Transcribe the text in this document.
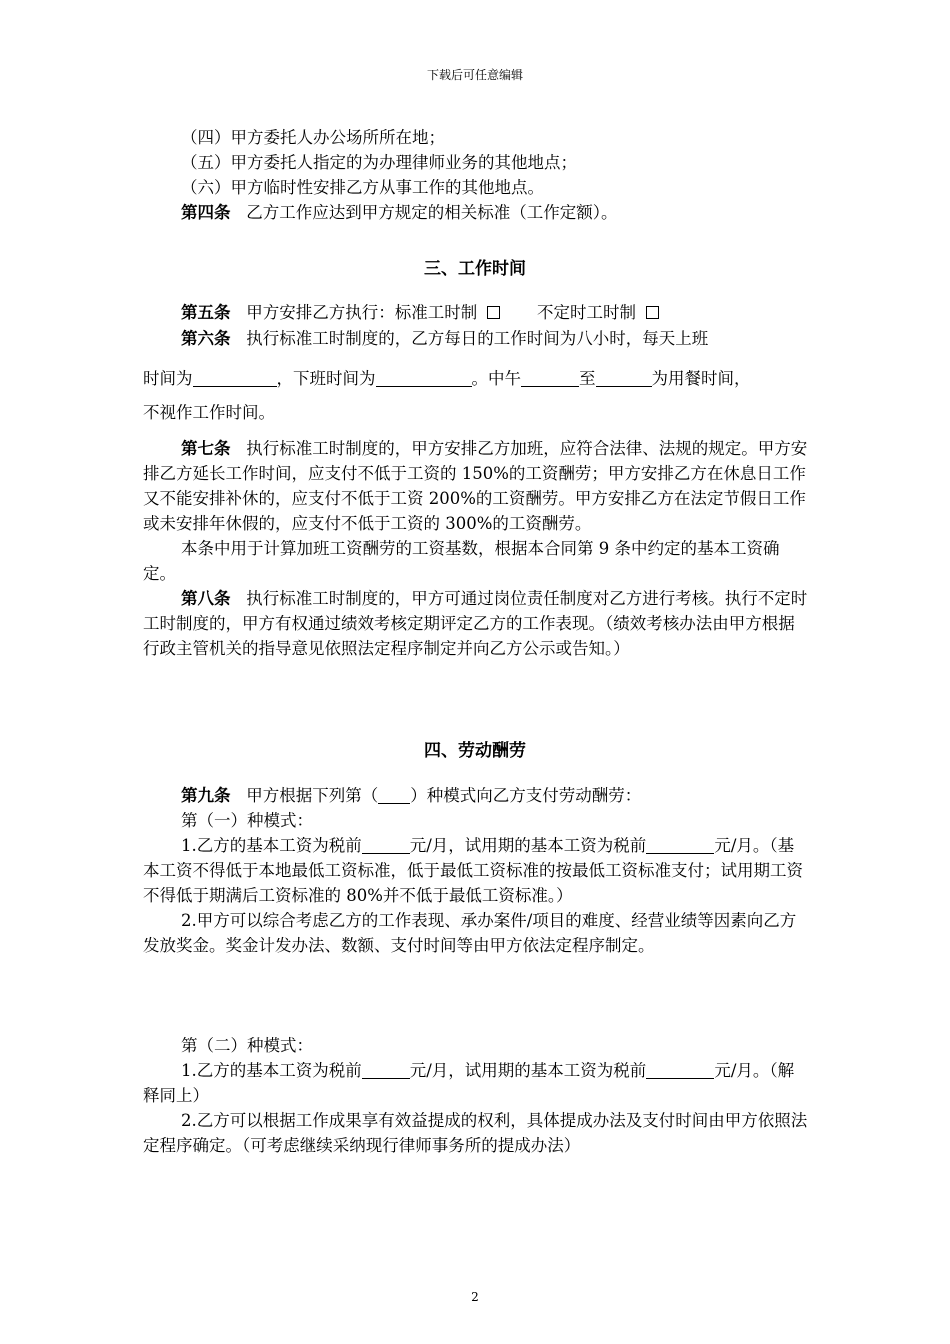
下载后可任意编辑

（四）甲方委托人办公场所所在地；

（五）甲方委托人指定的为办理律师业务的其他地点；

（六）甲方临时性安排乙方从事工作的其他地点。

第四条 乙方工作应达到甲方规定的相关标准（工作定额）。

三、工作时间

第五条 甲方安排乙方执行：标准工时制	不定时工时制

第六条 执行标准工时制度的，乙方每日的工作时间为八小时，每天上班

时间为	，下班时间为	。中午	至	为用餐时间，

不视作工作时间。

第七条 执行标准工时制度的，甲方安排乙方加班，应符合法律、法规的规定。甲方安排乙方延长工作时间，应支付不低于工资的 150%的工资酬劳；甲方安排乙方在休息日工作又不能安排补休的，应支付不低于工资 200%的工资酬劳。甲方安排乙方在法定节假日工作或未安排年休假的，应支付不低于工资的 300%的工资酬劳。

本条中用于计算加班工资酬劳的工资基数，根据本合同第 9 条中约定的基本工资确定。

第八条 执行标准工时制度的，甲方可通过岗位责任制度对乙方进行考核。执行不定时工时制度的，甲方有权通过绩效考核定期评定乙方的工作表现。（绩效考核办法由甲方根据行政主管机关的指导意见依照法定程序制定并向乙方公示或告知。）

四、劳动酬劳

第九条 甲方根据下列第（ ）种模式向乙方支付劳动酬劳：

第（一）种模式：

1.乙方的基本工资为税前	元/月，试用期的基本工资为税前	元/月。（基本工资不得低于本地最低工资标准，低于最低工资标准的按最低工资标准支付；试用期工资不得低于期满后工资标准的 80%并不低于最低工资标准。）

2.甲方可以综合考虑乙方的工作表现、承办案件/项目的难度、经营业绩等因素向乙方发放奖金。奖金计发办法、数额、支付时间等由甲方依法定程序制定。

第（二）种模式：

1.乙方的基本工资为税前	元/月，试用期的基本工资为税前	元/月。（解释同上）

2.乙方可以根据工作成果享有效益提成的权利，具体提成办法及支付时间由甲方依照法定程序确定。（可考虑继续采纳现行律师事务所的提成办法）

2
